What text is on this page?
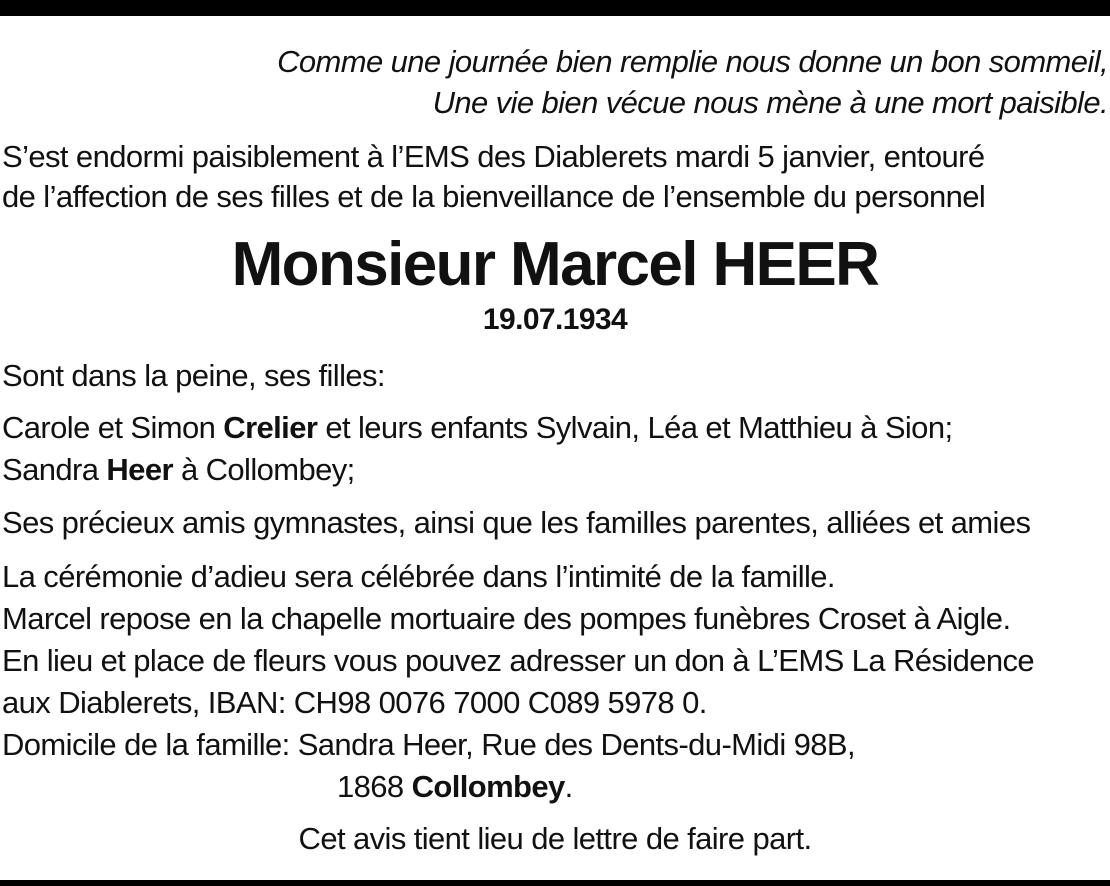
Comme une journée bien remplie nous donne un bon sommeil,
Une vie bien vécue nous mène à une mort paisible.
S’est endormi paisiblement à l’EMS des Diablerets mardi 5 janvier, entouré
de l’affection de ses filles et de la bienveillance de l’ensemble du personnel
Monsieur Marcel HEER
19.07.1934
Sont dans la peine, ses filles:
Carole et Simon Crelier et leurs enfants Sylvain, Léa et Matthieu à Sion;
Sandra Heer à Collombey;
Ses précieux amis gymnastes, ainsi que les familles parentes, alliées et amies
La cérémonie d’adieu sera célébrée dans l’intimité de la famille.
Marcel repose en la chapelle mortuaire des pompes funèbres Croset à Aigle.
En lieu et place de fleurs vous pouvez adresser un don à L’EMS La Résidence
aux Diablerets, IBAN: CH98 0076 7000 C089 5978 0.
Domicile de la famille: Sandra Heer, Rue des Dents-du-Midi 98B,
1868 Collombey.
Cet avis tient lieu de lettre de faire part.
